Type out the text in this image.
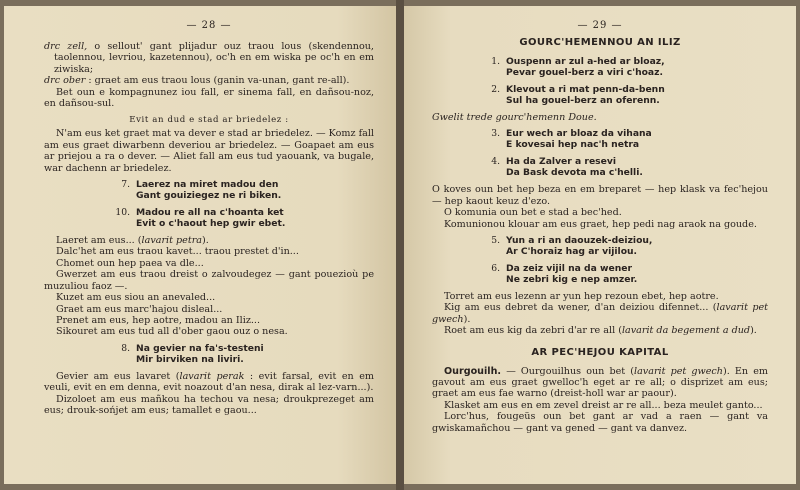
— 28 —

drc zell, o sellout' gant plijadur ouz traou lous (skendennou, taolennou, levriou, kazetennou), oc'h en em wiska pe oc'h en em ziwiska;

drc ober : graet am eus traou lous (ganin va-unan, gant re-all).

Bet oun e kompagnunez iou fall, er sinema fall, en dañsou-noz, en dañsou-sul.

Evit an dud e stad ar briedelez :

N'am eus ket graet mat va dever e stad ar briedelez. — Komz fall am eus graet diwarbenn deveriou ar briedelez. — Goapaet am eus ar priejou a ra o dever. — Aliet fall am eus tud yaouank, va bugale, war dachenn ar briedelez.

7. Laerez na miret madou den
Gant gouiziegez ne ri biken.
10. Madou re all na c'hoanta ket
Evit o c'haout hep gwir ebet.

Laeret am eus... (lavarit petra).

Dalc'het am eus traou kavet... traou prestet d'in...

Chomet oun hep paea va dle...

Gwerzet am eus traou dreist o zalvoudegez — gant pouezioù pe muzuliou faoz —.

Kuzet am eus siou an anevaled...

Graet am eus marc'hajou disleal...

Prenet am eus, hep aotre, madou an Iliz...

Sikouret am eus tud all d'ober gaou ouz o nesa.

8. Na gevier na fa's-testeni
Mir birviken na liviri.

Gevier am eus lavaret (lavarit perak : evit farsal, evit en em veuli, evit en em denna, evit noazout d'an nesa, dirak al lez-varn...).

Dizoloet am eus mañkou ha techou va nesa; droukprezeget am eus; drouk-sońjet am eus; tamallet e gaou...

— 29 —
GOURC'HEMENNOU AN ILIZ
1. Ouspenn ar zul a-hed ar bloaz,
Pevar gouel-berz a viri c'hoaz.
2. Klevout a ri mat penn-da-benn
Sul ha gouel-berz an oferenn.

Gwelit trede gourc'hemenn Doue.

3. Eur wech ar bloaz da vihana
E kovesai hep nac'h netra
4. Ha da Zalver a resevi
Da Bask devota ma c'helli.

O koves oun bet hep beza en em breparet — hep klask va fec'hejou — hep kaout keuz d'ezo.

O komunia oun bet e stad a bec'hed.

Komunionou klouar am eus graet, hep pedi nag araok na goude.

5. Yun a ri an daouzek-deiziou,
Ar C'horaiz hag ar vijilou.
6. Da zeiz vijil na da wener
Ne zebri kig e nep amzer.

Torret am eus lezenn ar yun hep rezoun ebet, hep aotre.

Kig am eus debret da wener, d'an deiziou difennet... (lavarit pet gwech).

Roet am eus kig da zebri d'ar re all (lavarit da begement a dud).

AR PEC'HEJOU KAPITAL

Ourgouilh. — Ourgouilhus oun bet (lavarit pet gwech). En em gavout am eus graet gwelloc'h eget ar re all; o disprizet am eus; graet am eus fae warno (dreist-holl war ar paour).

Klasket am eus en em zevel dreist ar re all... beza meulet ganto...

Lorc'hus, fougeüs oun bet gant ar vad a raen — gant va gwiskamañchou — gant va gened — gant va danvez.
